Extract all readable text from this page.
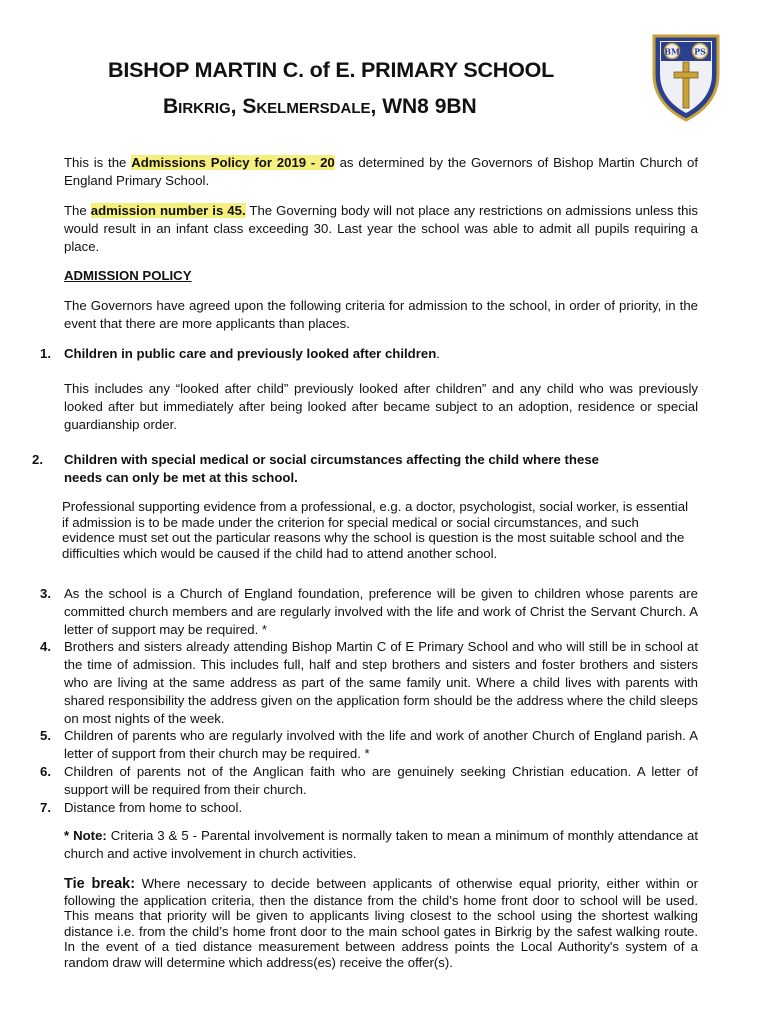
BISHOP MARTIN C. of E. PRIMARY SCHOOL
Birkrig, Skelmersdale, WN8 9BN
BM PS
This is the Admissions Policy for 2019 - 20 as determined by the Governors of Bishop Martin Church of England Primary School.
The admission number is 45. The Governing body will not place any restrictions on admissions unless this would result in an infant class exceeding 30. Last year the school was able to admit all pupils requiring a place.
ADMISSION POLICY
The Governors have agreed upon the following criteria for admission to the school, in order of priority, in the event that there are more applicants than places.
1. Children in public care and previously looked after children.
This includes any “looked after child” previously looked after children” and any child who was previously looked after but immediately after being looked after became subject to an adoption, residence or special guardianship order.
2. Children with special medical or social circumstances affecting the child where these needs can only be met at this school.
Professional supporting evidence from a professional, e.g. a doctor, psychologist, social worker, is essential if admission is to be made under the criterion for special medical or social circumstances, and such evidence must set out the particular reasons why the school is question is the most suitable school and the difficulties which would be caused if the child had to attend another school.
3. As the school is a Church of England foundation, preference will be given to children whose parents are committed church members and are regularly involved with the life and work of Christ the Servant Church. A letter of support may be required. *
4. Brothers and sisters already attending Bishop Martin C of E Primary School and who will still be in school at the time of admission. This includes full, half and step brothers and sisters and foster brothers and sisters who are living at the same address as part of the same family unit. Where a child lives with parents with shared responsibility the address given on the application form should be the address where the child sleeps on most nights of the week.
5. Children of parents who are regularly involved with the life and work of another Church of England parish. A letter of support from their church may be required. *
6. Children of parents not of the Anglican faith who are genuinely seeking Christian education. A letter of support will be required from their church.
7. Distance from home to school.
* Note: Criteria 3 & 5 - Parental involvement is normally taken to mean a minimum of monthly attendance at church and active involvement in church activities.
Tie break: Where necessary to decide between applicants of otherwise equal priority, either within or following the application criteria, then the distance from the child’s home front door to school will be used. This means that priority will be given to applicants living closest to the school using the shortest walking distance i.e. from the child’s home front door to the main school gates in Birkrig by the safest walking route. In the event of a tied distance measurement between address points the Local Authority's system of a random draw will determine which address(es) receive the offer(s).
